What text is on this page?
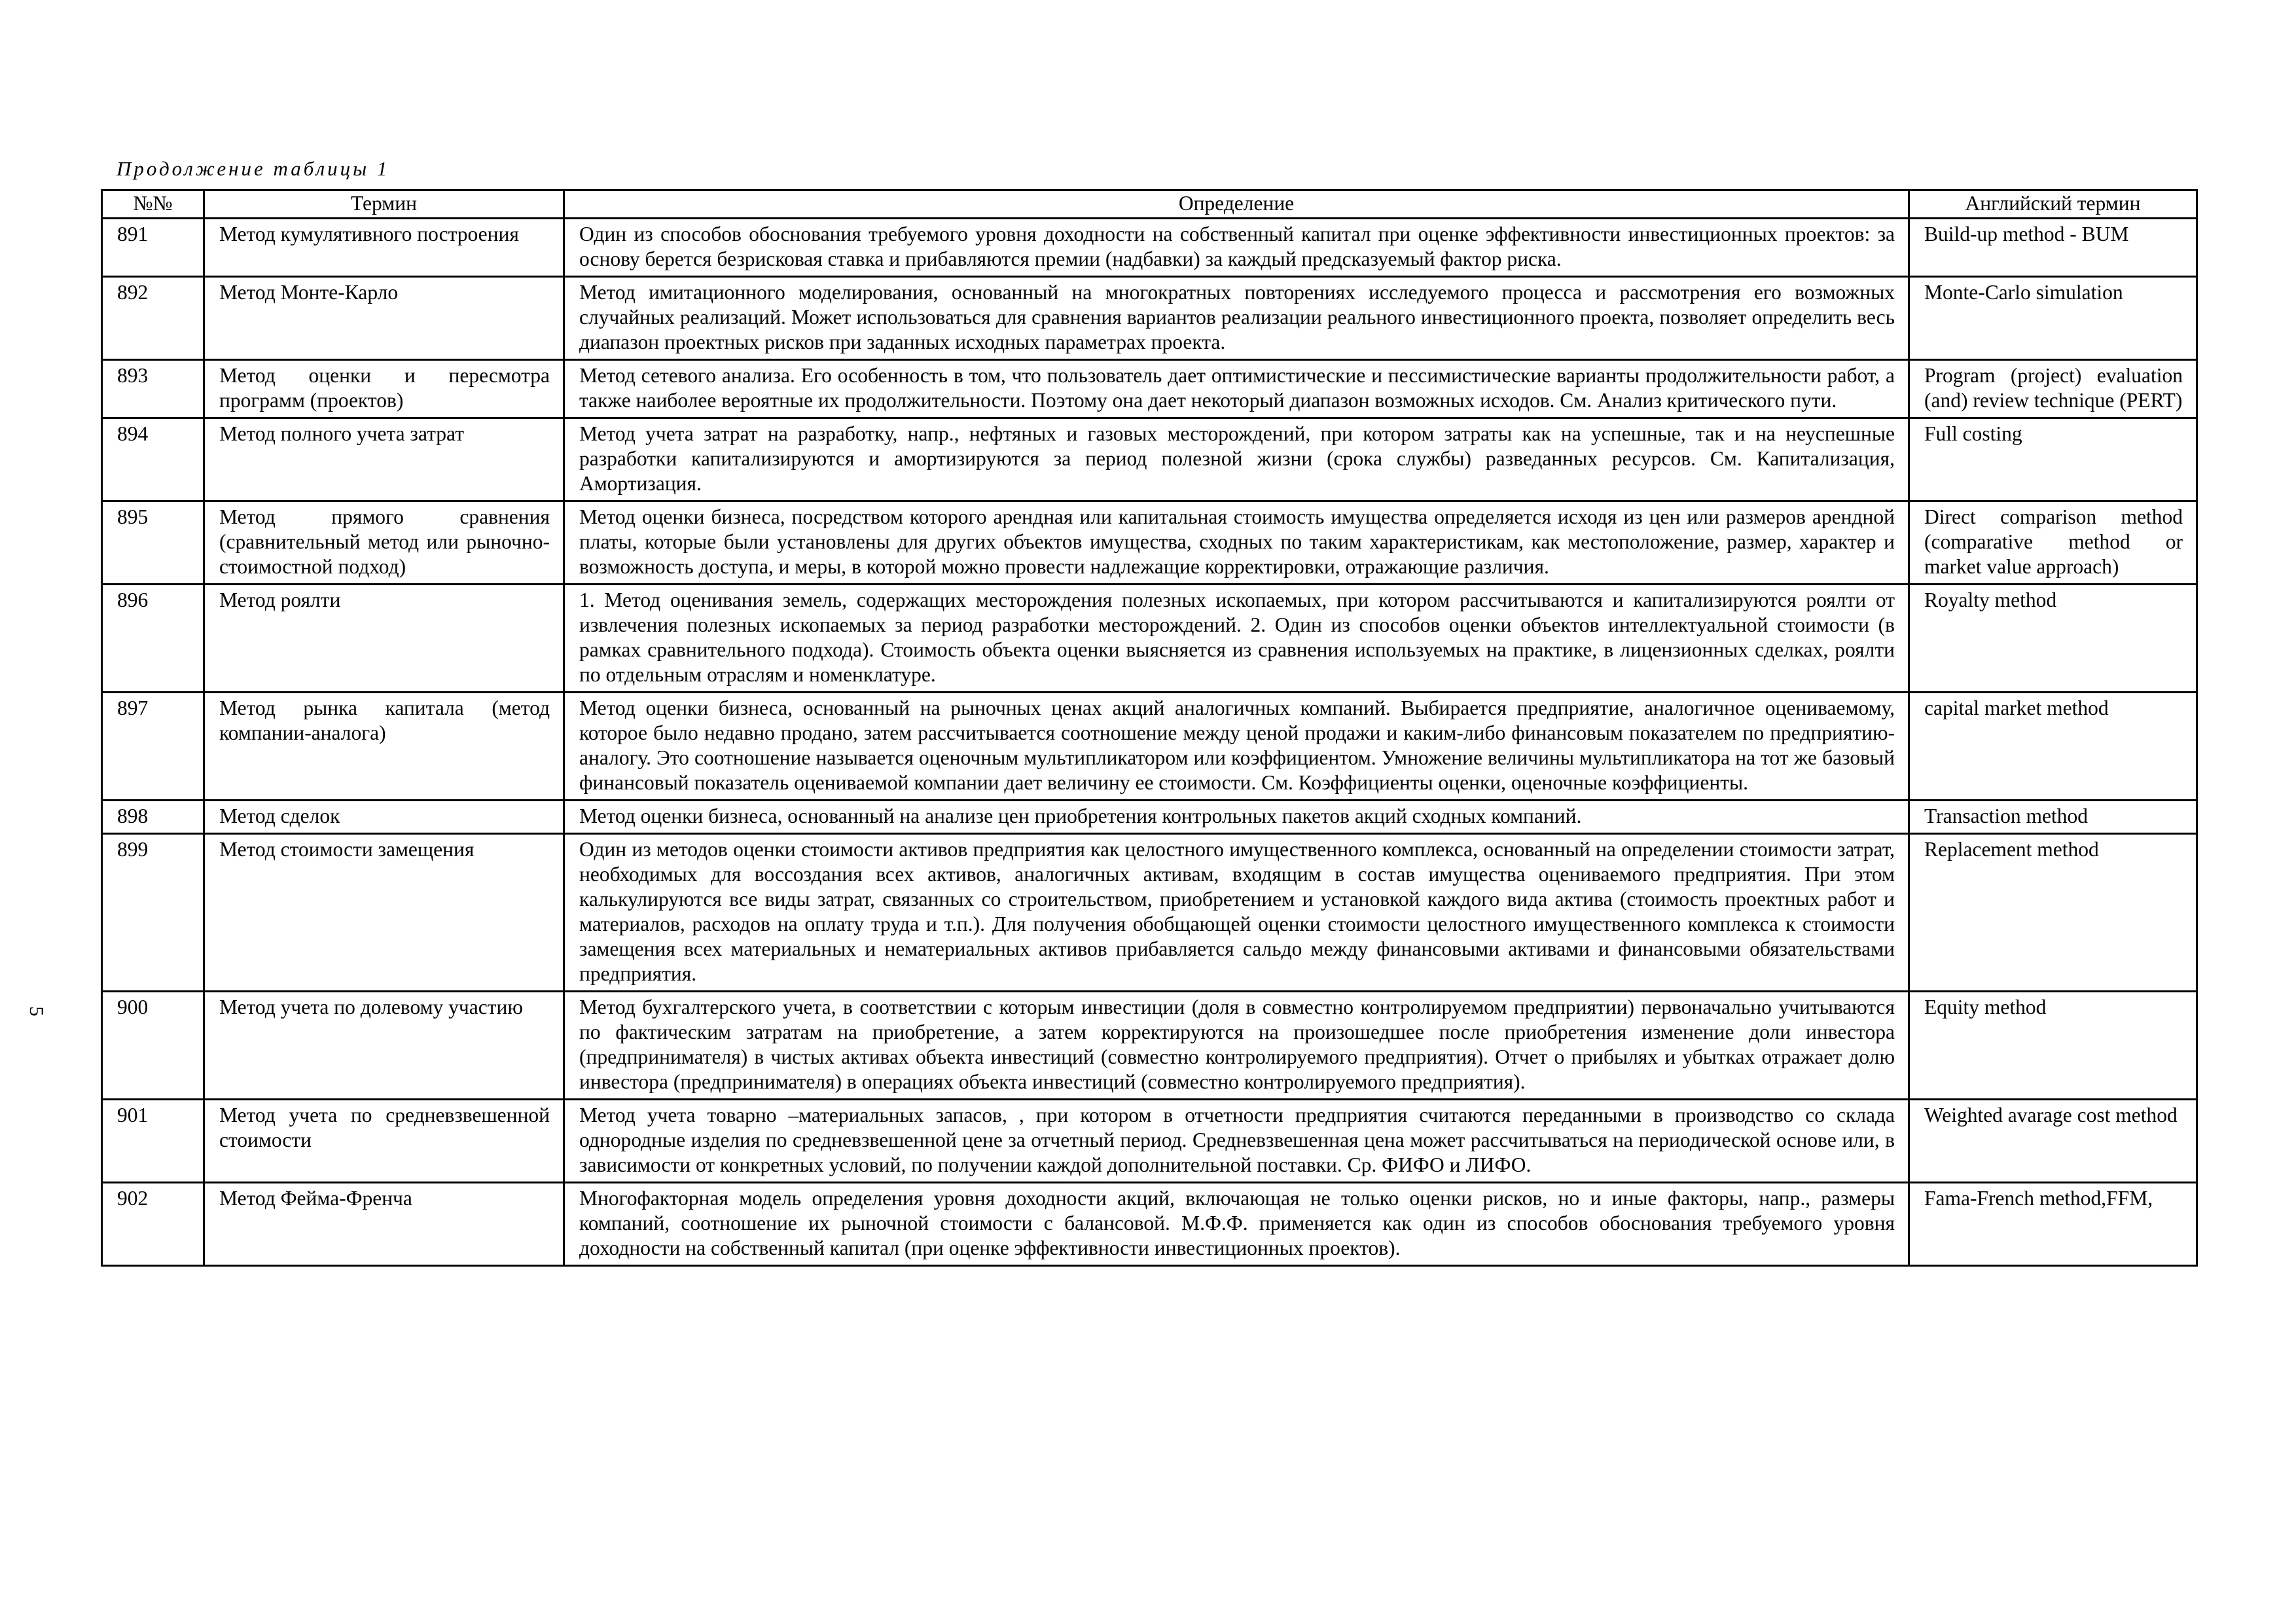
Продолжение таблицы 1
5
№№	Термин	Определение	Английский термин
891	Метод кумулятивного построения	Один из способов обоснования требуемого уровня доходности на собственный капитал при оценке эффективности инвестиционных проектов: за основу берется безрисковая ставка и прибавляются премии (надбавки) за каждый предсказуемый фактор риска.	Build-up method - BUM
892	Метод Монте-Карло	Метод имитационного моделирования, основанный на многократных повторениях исследуемого процесса и рассмотрения его возможных случайных реализаций. Может использоваться для сравнения вариантов реализации реального инвестиционного проекта, позволяет определить весь диапазон проектных рисков при заданных исходных параметрах проекта.	Monte-Carlo simulation
893	Метод оценки и пересмотра программ (проектов)	Метод сетевого анализа. Его особенность в том, что пользователь дает оптимистические и пессимистические варианты продолжительности работ, а также наиболее вероятные их продолжительности. Поэтому она дает некоторый диапазон возможных исходов. См. Анализ критического пути.	Program (project) evaluation (and) review technique (PERT)
894	Метод полного учета затрат	Метод учета затрат на разработку, напр., нефтяных и газовых месторождений, при котором затраты как на успешные, так и на неуспешные разработки капитализируются и амортизируются за период полезной жизни (срока службы) разведанных ресурсов. См. Капитализация, Амортизация.	Full costing
895	Метод прямого сравнения (сравнительный метод или рыночно-стоимостной подход)	Метод оценки бизнеса, посредством которого арендная или капитальная стоимость имущества определяется исходя из цен или размеров арендной платы, которые были установлены для других объектов имущества, сходных по таким характеристикам, как местоположение, размер, характер и возможность доступа, и меры, в которой можно провести надлежащие корректировки, отражающие различия.	Direct comparison method (comparative method or market value approach)
896	Метод роялти	1. Метод оценивания земель, содержащих месторождения полезных ископаемых, при котором рассчитываются и капитализируются роялти от извлечения полезных ископаемых за период разработки месторождений. 2. Один из способов оценки объектов интеллектуальной стоимости (в рамках сравнительного подхода). Стоимость объекта оценки выясняется из сравнения используемых на практике, в лицензионных сделках, роялти по отдельным отраслям и номенклатуре.	Royalty method
897	Метод рынка капитала (метод компании-аналога)	Метод оценки бизнеса, основанный на рыночных ценах акций аналогичных компаний. Выбирается предприятие, аналогичное оцениваемому, которое было недавно продано, затем рассчитывается соотношение между ценой продажи и каким-либо финансовым показателем по предприятию-аналогу. Это соотношение называется оценочным мультипликатором или коэффициентом. Умножение величины мультипликатора на тот же базовый финансовый показатель оцениваемой компании дает величину ее стоимости. См. Коэффициенты оценки, оценочные коэффициенты.	capital market method
898	Метод сделок	Метод оценки бизнеса, основанный на анализе цен приобретения контрольных пакетов акций сходных компаний.	Transaction method
899	Метод стоимости замещения	Один из методов оценки стоимости активов предприятия как целостного имущественного комплекса, основанный на определении стоимости затрат, необходимых для воссоздания всех активов, аналогичных активам, входящим в состав имущества оцениваемого предприятия. При этом калькулируются все виды затрат, связанных со строительством, приобретением и установкой каждого вида актива (стоимость проектных работ и материалов, расходов на оплату труда и т.п.). Для получения обобщающей оценки стоимости целостного имущественного комплекса к стоимости замещения всех материальных и нематериальных активов прибавляется сальдо между финансовыми активами и финансовыми обязательствами предприятия.	Replacement method
900	Метод учета по долевому участию	Метод бухгалтерского учета, в соответствии с которым инвестиции (доля в совместно контролируемом предприятии) первоначально учитываются по фактическим затратам на приобретение, а затем корректируются на произошедшее после приобретения изменение доли инвестора (предпринимателя) в чистых активах объекта инвестиций (совместно контролируемого предприятия). Отчет о прибылях и убытках отражает долю инвестора (предпринимателя) в операциях объекта инвестиций (совместно контролируемого предприятия).	Equity method
901	Метод учета по средневзвешенной стоимости	Метод учета товарно –материальных запасов, , при котором в отчетности предприятия считаются переданными в производство со склада однородные изделия по средневзвешенной цене за отчетный период. Средневзвешенная цена может рассчитываться на периодической основе или, в зависимости от конкретных условий, по получении каждой дополнительной поставки. Ср. ФИФО и ЛИФО.	Weighted avarage cost method
902	Метод Фейма-Френча	Многофакторная модель определения уровня доходности акций, включающая не только оценки рисков, но и иные факторы, напр., размеры компаний, соотношение их рыночной стоимости с балансовой. М.Ф.Ф. применяется как один из способов обоснования требуемого уровня доходности на собственный капитал (при оценке эффективности инвестиционных проектов).	Fama-French method,FFM,
